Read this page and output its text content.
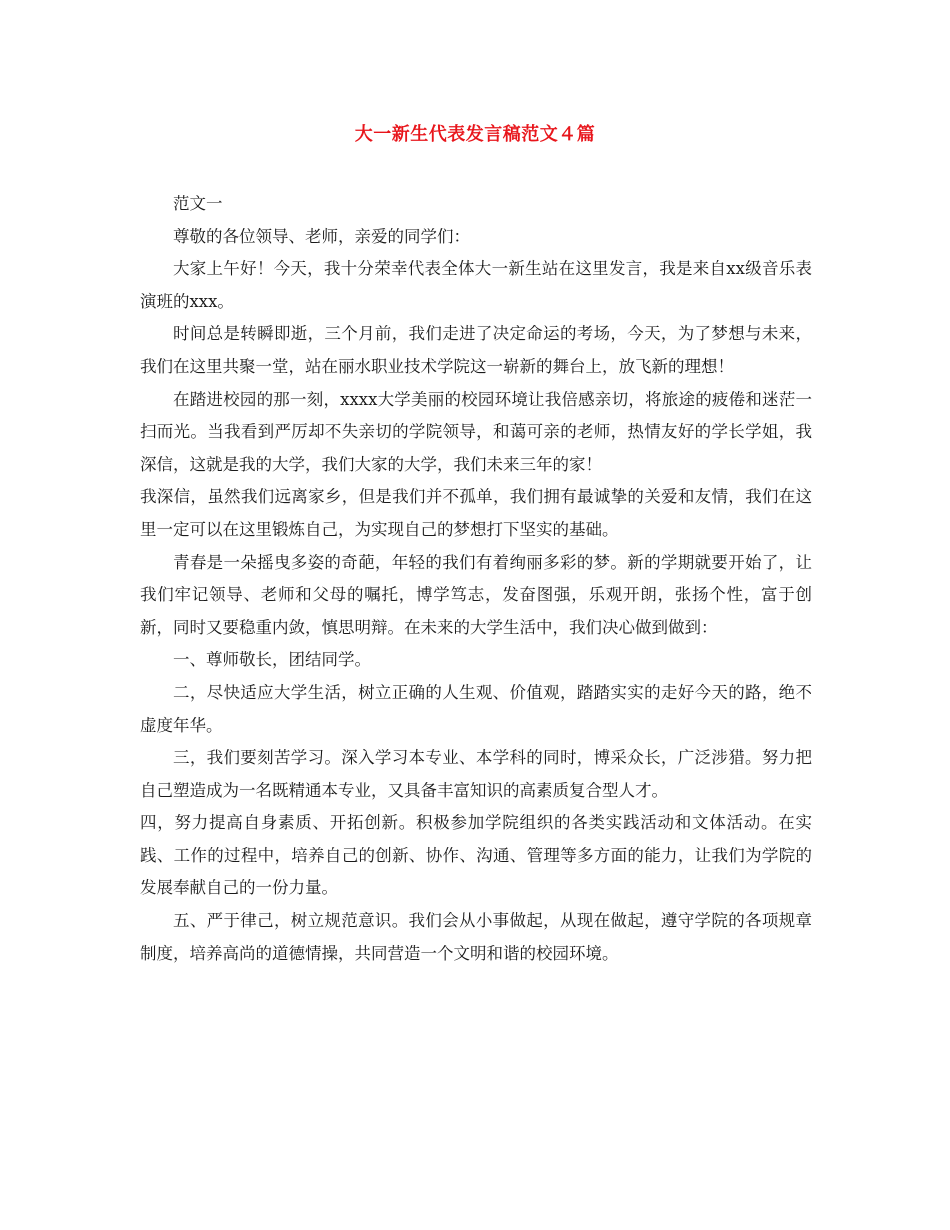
大一新生代表发言稿范文４篇

范文一

尊敬的各位领导、老师，亲爱的同学们：

大家上午好！今天，我十分荣幸代表全体大一新生站在这里发言，我是来自xx级音乐表演班的xxx。

时间总是转瞬即逝，三个月前，我们走进了决定命运的考场，今天，为了梦想与未来，我们在这里共聚一堂，站在丽水职业技术学院这一崭新的舞台上，放飞新的理想！

在踏进校园的那一刻，xxxx大学美丽的校园环境让我倍感亲切，将旅途的疲倦和迷茫一扫而光。当我看到严厉却不失亲切的学院领导，和蔼可亲的老师，热情友好的学长学姐，我深信，这就是我的大学，我们大家的大学，我们未来三年的家！

我深信，虽然我们远离家乡，但是我们并不孤单，我们拥有最诚挚的关爱和友情，我们在这里一定可以在这里锻炼自己，为实现自己的梦想打下坚实的基础。

青春是一朵摇曳多姿的奇葩，年轻的我们有着绚丽多彩的梦。新的学期就要开始了，让我们牢记领导、老师和父母的嘱托，博学笃志，发奋图强，乐观开朗，张扬个性，富于创新，同时又要稳重内敛，慎思明辩。在未来的大学生活中，我们决心做到做到：

一、尊师敬长，团结同学。

二，尽快适应大学生活，树立正确的人生观、价值观，踏踏实实的走好今天的路，绝不虚度年华。

三，我们要刻苦学习。深入学习本专业、本学科的同时，博采众长，广泛涉猎。努力把自己塑造成为一名既精通本专业，又具备丰富知识的高素质复合型人才。

四，努力提高自身素质、开拓创新。积极参加学院组织的各类实践活动和文体活动。在实践、工作的过程中，培养自己的创新、协作、沟通、管理等多方面的能力，让我们为学院的发展奉献自己的一份力量。

五、严于律己，树立规范意识。我们会从小事做起，从现在做起，遵守学院的各项规章制度，培养高尚的道德情操，共同营造一个文明和谐的校园环境。
